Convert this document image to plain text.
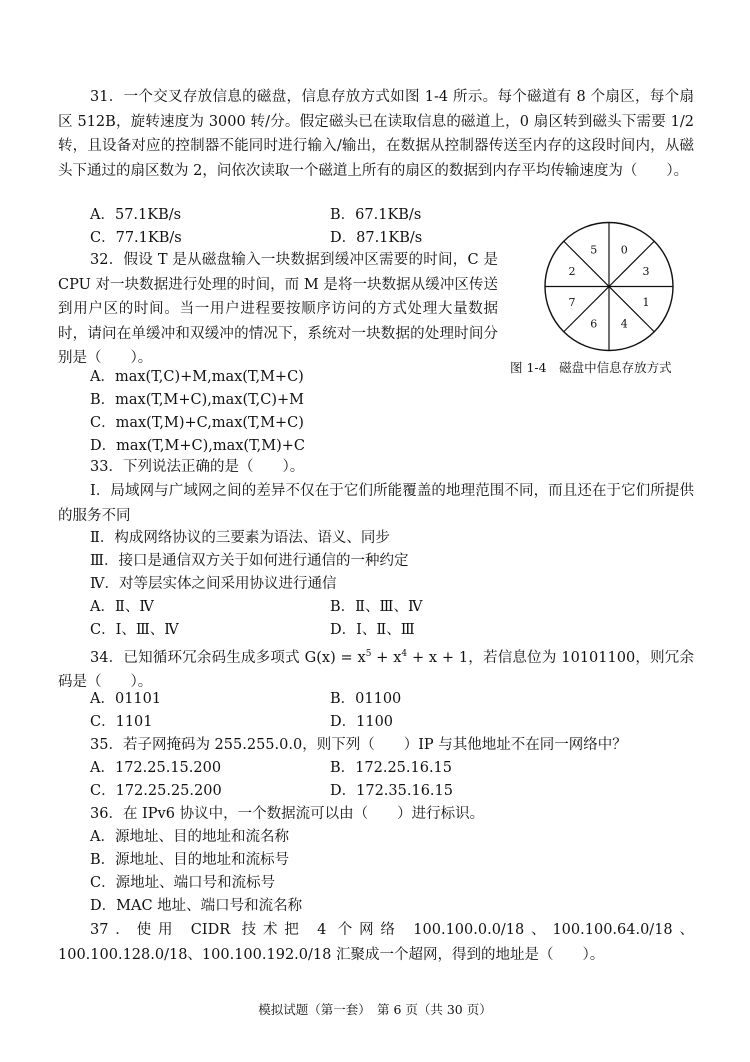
31．一个交叉存放信息的磁盘，信息存放方式如图 1-4 所示。每个磁道有 8 个扇区，每个扇区 512B，旋转速度为 3000 转/分。假定磁头已在读取信息的磁道上，0 扇区转到磁头下需要 1/2 转，且设备对应的控制器不能同时进行输入/输出，在数据从控制器传送至内存的这段时间内，从磁头下通过的扇区数为 2，问依次读取一个磁道上所有的扇区的数据到内存平均传输速度为（　　）。

A．57.1KB/s	B．67.1KB/s
C．77.1KB/s	D．87.1KB/s

32．假设 T 是从磁盘输入一块数据到缓冲区需要的时间，C 是 CPU 对一块数据进行处理的时间，而 M 是将一块数据从缓冲区传送到用户区的时间。当一用户进程要按顺序访问的方式处理大量数据时，请问在单缓冲和双缓冲的情况下，系统对一块数据的处理时间分别是（　　）。

A．max(T,C)+M,max(T,M+C)
B．max(T,M+C),max(T,C)+M
C．max(T,M)+C,max(T,M+C)
D．max(T,M+C),max(T,M)+C
5 0
3
1
4
6
7
2
图 1-4　磁盘中信息存放方式
33．下列说法正确的是（　　）。

Ⅰ．局域网与广域网之间的差异不仅在于它们所能覆盖的地理范围不同，而且还在于它们所提供的服务不同

Ⅱ．构成网络协议的三要素为语法、语义、同步
Ⅲ．接口是通信双方关于如何进行通信的一种约定
Ⅳ．对等层实体之间采用协议进行通信
A．Ⅱ、Ⅳ	B．Ⅱ、Ⅲ、Ⅳ
C．Ⅰ、Ⅲ、Ⅳ	D．Ⅰ、Ⅱ、Ⅲ

34．已知循环冗余码生成多项式 $G(x) = x^5 + x^4 + x + 1$，若信息位为 10101100，则冗余码是（　　）。

A．01101	B．01100
C．1101	D．1100
35．若子网掩码为 255.255.0.0，则下列（　　）IP 与其他地址不在同一网络中？
A．172.25.15.200	B．172.25.16.15
C．172.25.25.200	D．172.35.16.15
36．在 IPv6 协议中，一个数据流可以由（　　）进行标识。
A．源地址、目的地址和流名称
B．源地址、目的地址和流标号
C．源地址、端口号和流标号
D．MAC 地址、端口号和流名称

37．使用 CIDR 技术把 4 个网络 100.100.0.0/18、100.100.64.0/18、100.100.128.0/18、100.100.192.0/18 汇聚成一个超网，得到的地址是（　　）。

模拟试题（第一套）　第 6 页（共 30 页）
